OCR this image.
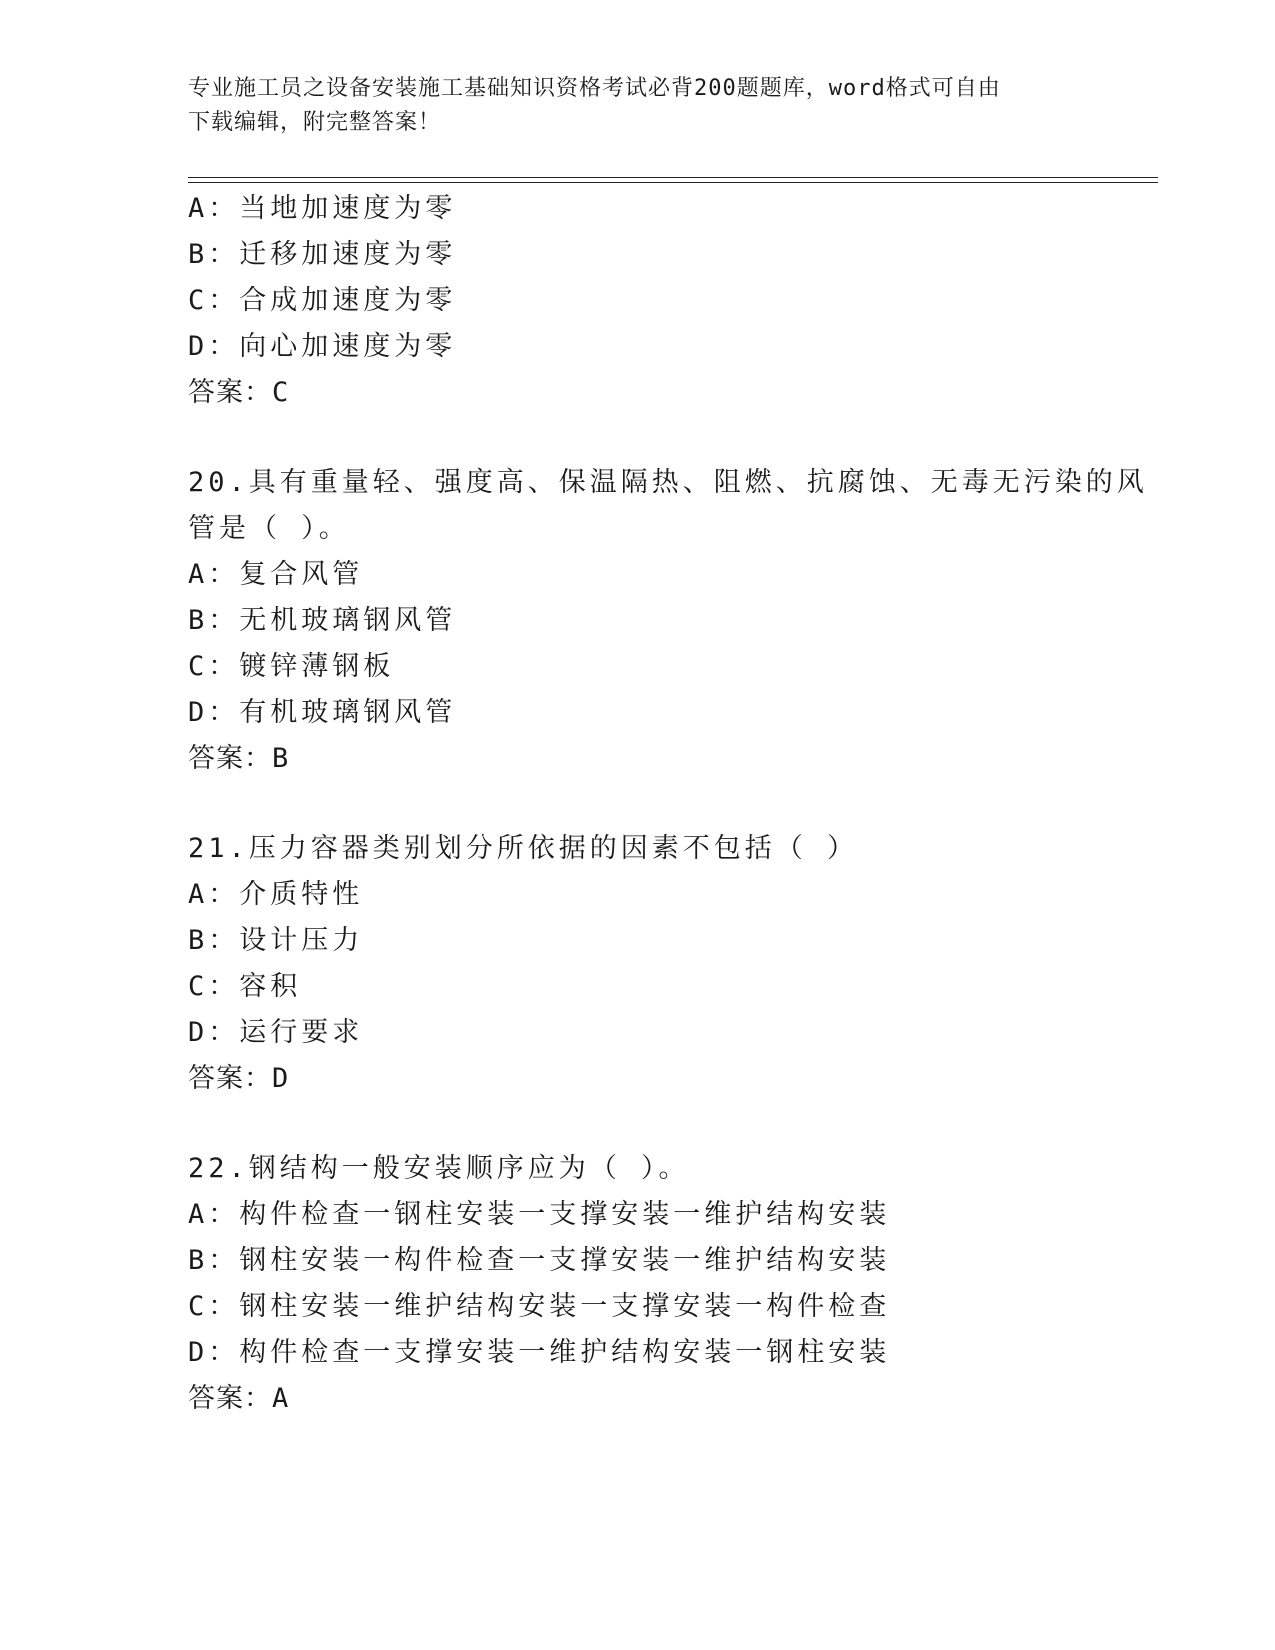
专业施工员之设备安装施工基础知识资格考试必背200题题库，word格式可自由
下载编辑，附完整答案！
A：当地加速度为零
B：迁移加速度为零
C：合成加速度为零
D：向心加速度为零
答案：C
20.具有重量轻、强度高、保温隔热、阻燃、抗腐蚀、无毒无污染的风
管是（ ）。
A：复合风管
B：无机玻璃钢风管
C：镀锌薄钢板
D：有机玻璃钢风管
答案：B
21.压力容器类别划分所依据的因素不包括（ ）
A：介质特性
B：设计压力
C：容积
D：运行要求
答案：D
22.钢结构一般安装顺序应为（ ）。
A：构件检查一钢柱安装一支撑安装一维护结构安装
B：钢柱安装一构件检查一支撑安装一维护结构安装
C：钢柱安装一维护结构安装一支撑安装一构件检查
D：构件检查一支撑安装一维护结构安装一钢柱安装
答案：A
